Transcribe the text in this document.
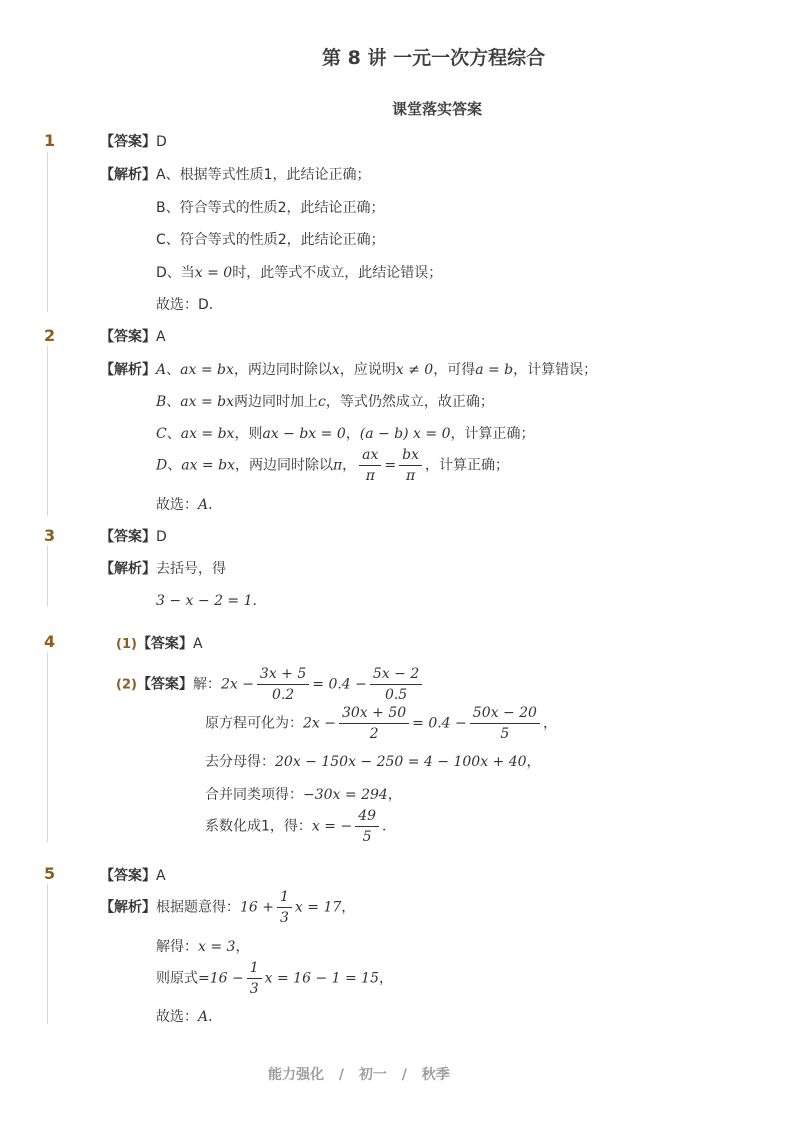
第 8 讲 一元一次方程综合
课堂落实答案
1	【答案】D
【解析】A、根据等式性质1，此结论正确；
B、符合等式的性质2，此结论正确；
C、符合等式的性质2，此结论正确；
D、当x = 0时，此等式不成立，此结论错误；
故选：D．
2	【答案】A
【解析】A、ax = bx，两边同时除以x，应说明x ≠ 0，可得a = b，计算错误；
B、ax = bx两边同时加上c，等式仍然成立，故正确；
C、ax = bx，则ax − bx = 0，(a − b) x = 0，计算正确；
D、ax = bx，两边同时除以π， $\frac{ax}{\pi} = \frac{bx}{\pi}$ ，计算正确；
故选：A．
3	【答案】D
【解析】去括号，得
3 − x − 2 = 1．
4	(1)【答案】A
(2)【答案】解：$2x - \frac{3x + 5}{0.2} = 0.4 - \frac{5x - 2}{0.5}$
原方程可化为：$2x - \frac{30x + 50}{2} = 0.4 - \frac{50x - 20}{5}$ ，
去分母得：20x − 150x − 250 = 4 − 100x + 40，
合并同类项得：−30x = 294，
系数化成1，得：x = − $\frac{49}{5}$ ．
5	【答案】A
【解析】根据题意得：$16 + \frac{1}{3}$ x = 17，
解得：x = 3，
则原式$=16 - \frac{1}{3}$ x = 16 − 1 = 15，
故选：A．
能力强化 / 初一 / 秋季
